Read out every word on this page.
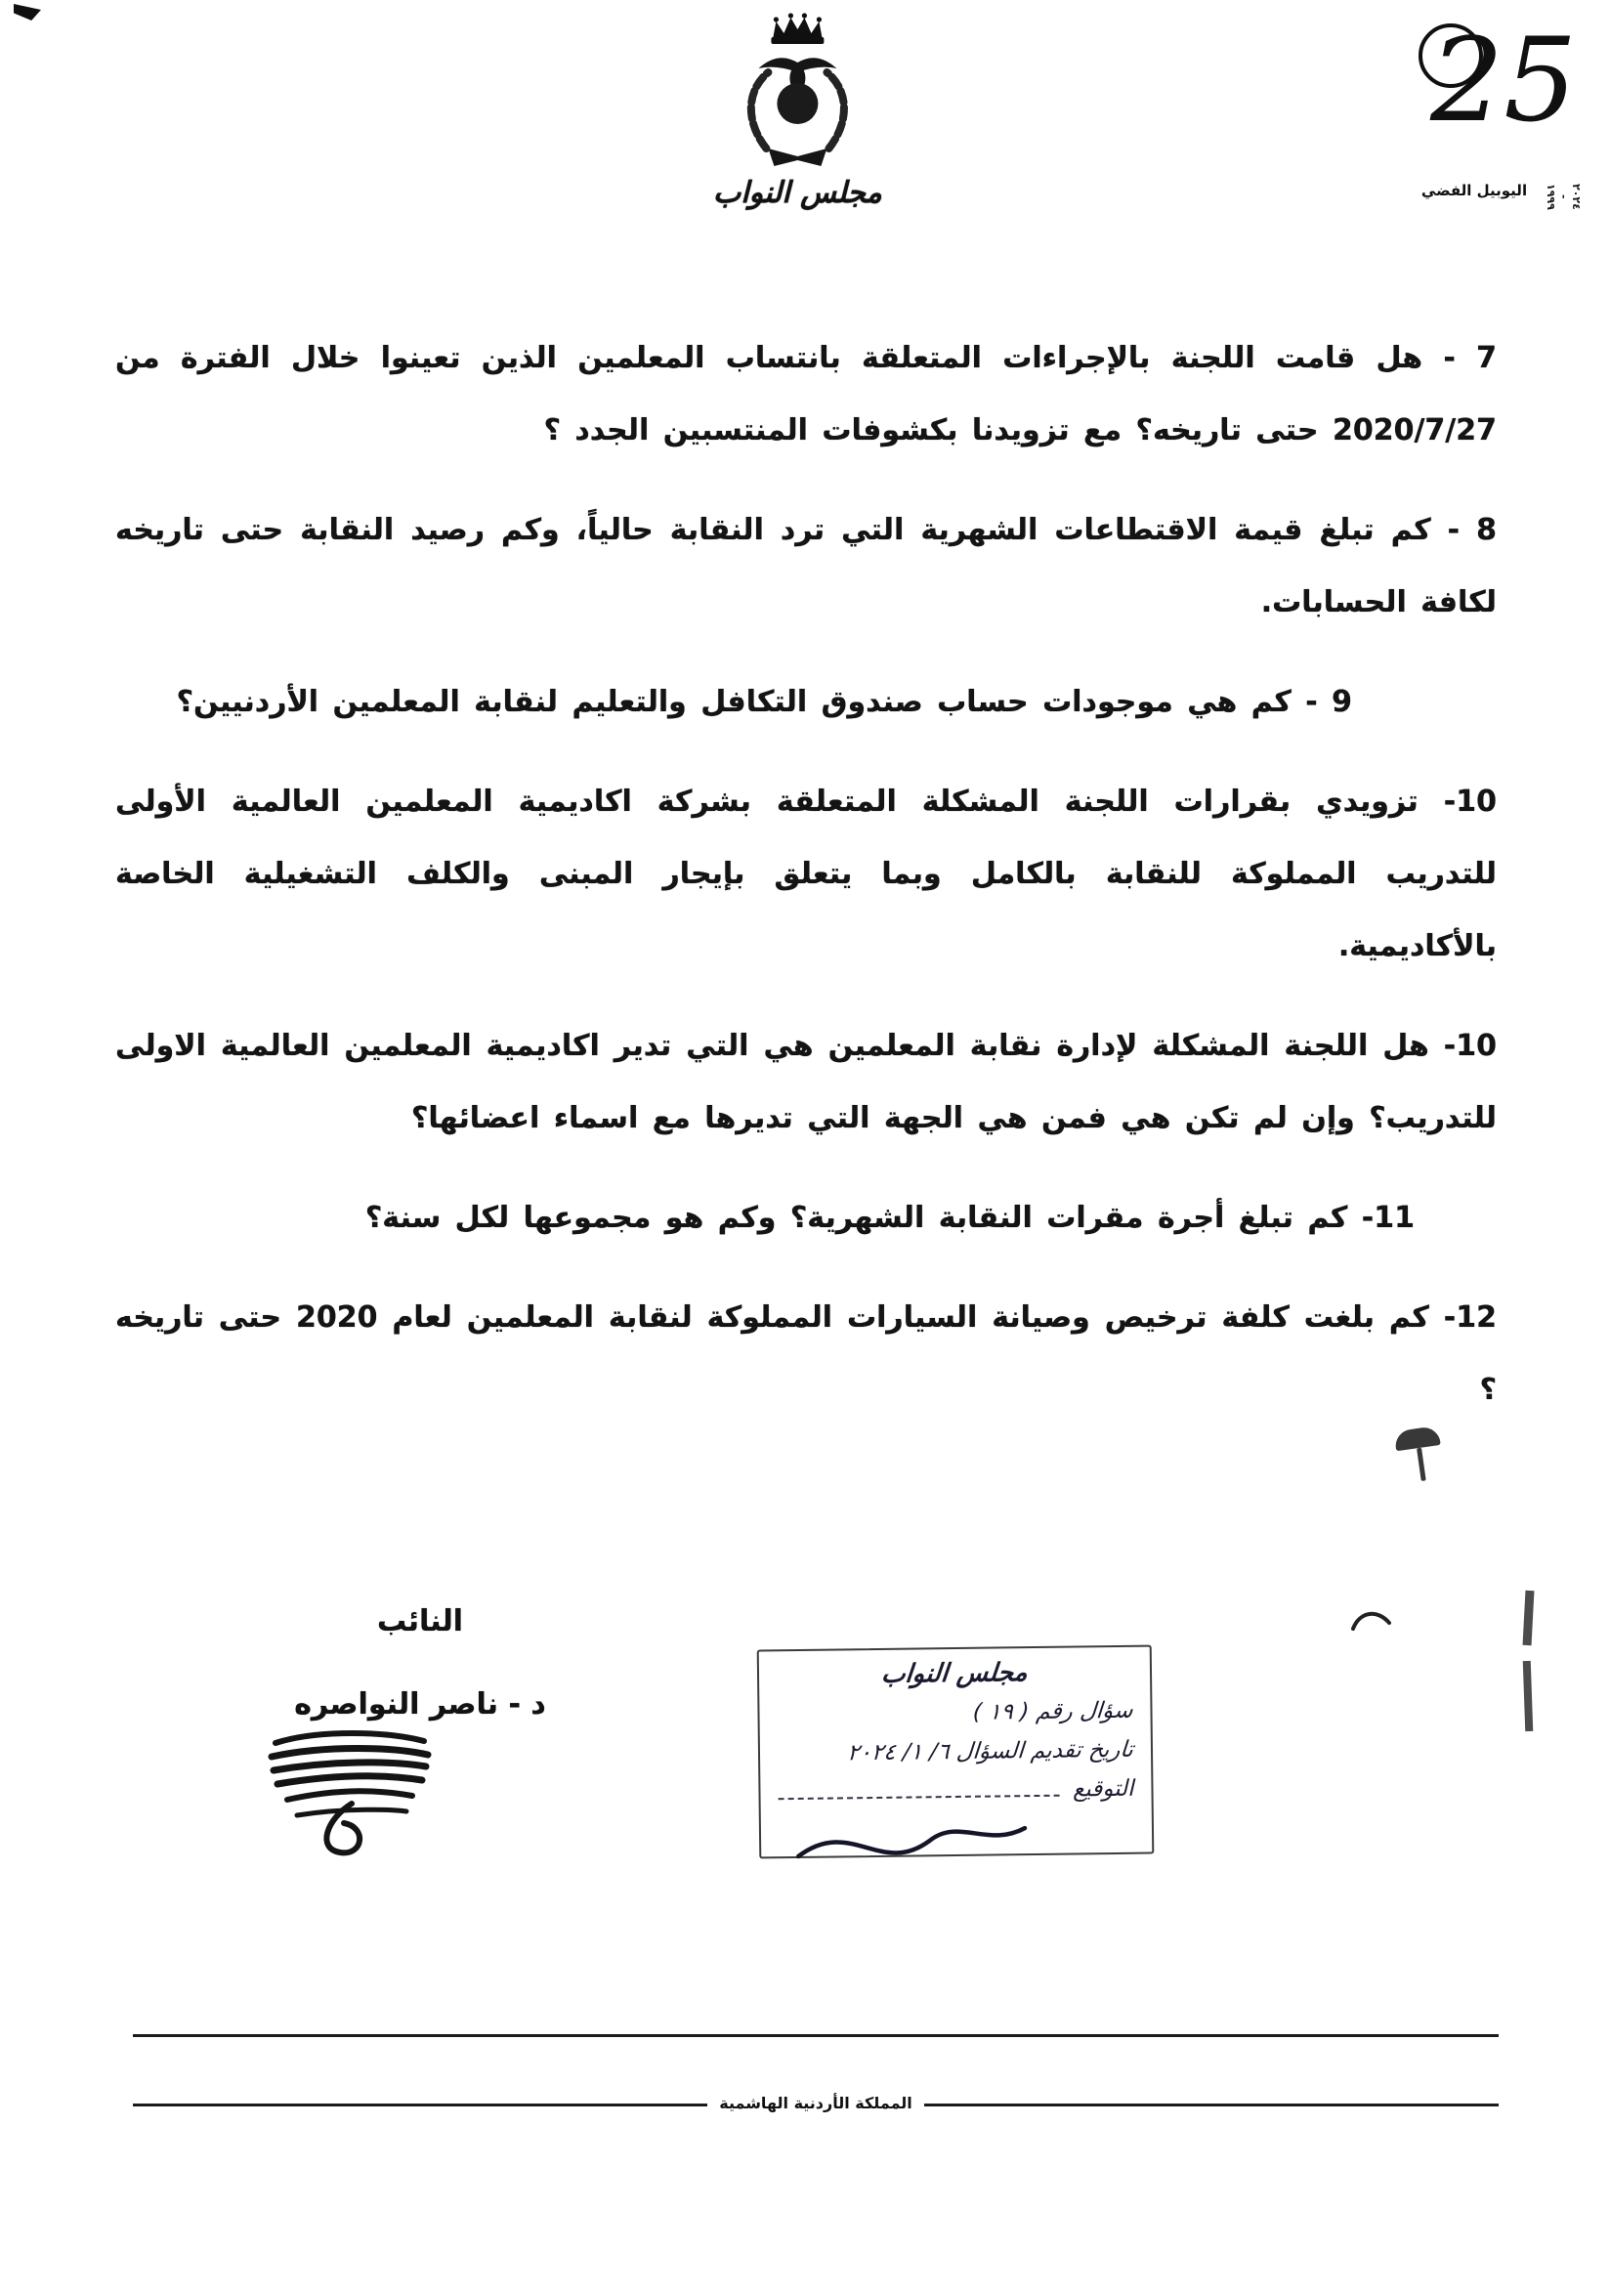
مجلس النواب
25
اليوبيل الفضي	٢٠٢٤ - ١٩٩٩

7 - هل قامت اللجنة بالإجراءات المتعلقة بانتساب المعلمين الذين تعينوا خلال الفترة من 2020/7/27 حتى تاريخه؟ مع تزويدنا بكشوفات المنتسبين الجدد ؟

8 - كم تبلغ قيمة الاقتطاعات الشهرية التي ترد النقابة حالياً، وكم رصيد النقابة حتى تاريخه لكافة الحسابات.

9 - كم هي موجودات حساب صندوق التكافل والتعليم لنقابة المعلمين الأردنيين؟

10- تزويدي بقرارات اللجنة المشكلة المتعلقة بشركة اكاديمية المعلمين العالمية الأولى للتدريب المملوكة للنقابة بالكامل وبما يتعلق بإيجار المبنى والكلف التشغيلية الخاصة بالأكاديمية.

10- هل اللجنة المشكلة لإدارة نقابة المعلمين هي التي تدير اكاديمية المعلمين العالمية الاولى للتدريب؟ وإن لم تكن هي فمن هي الجهة التي تديرها مع اسماء اعضائها؟

11- كم تبلغ أجرة مقرات النقابة الشهرية؟ وكم هو مجموعها لكل سنة؟

12- كم بلغت كلفة ترخيص وصيانة السيارات المملوكة لنقابة المعلمين لعام 2020 حتى تاريخه ؟

النائب
د - ناصر النواصره
مجلس النواب
سؤال رقم ( ١٩ )
تاريخ تقديم السؤال ٦/ ١/ ٢٠٢٤
التوقيع
المملكة الأردنية الهاشمية
